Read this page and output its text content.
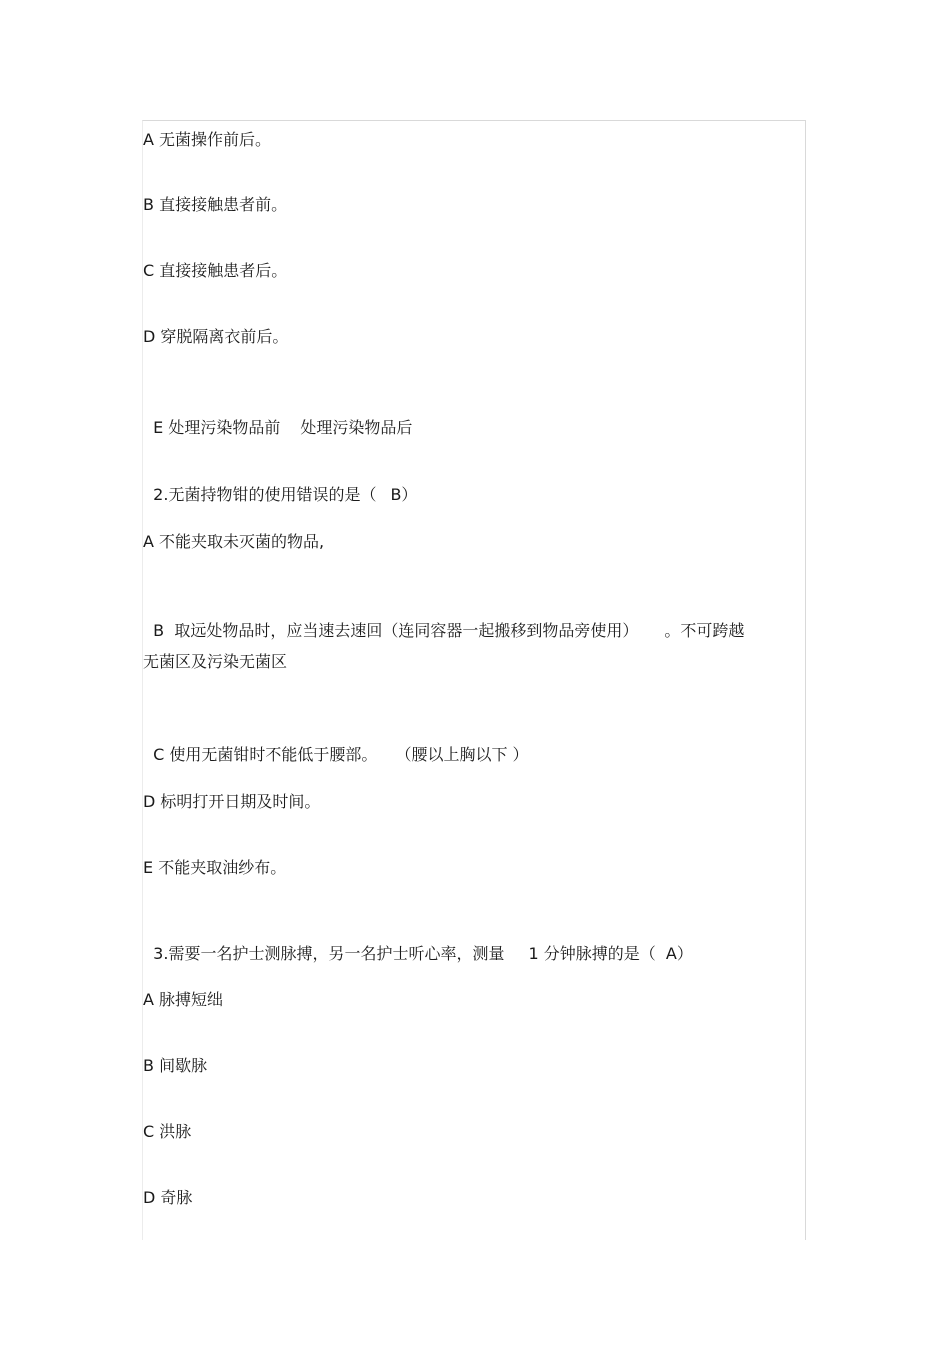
A 无菌操作前后。
B 直接接触患者前。
C 直接接触患者后。
D 穿脱隔离衣前后。

E 处理污染物品前 处理污染物品后

2.无菌持物钳的使用错误的是（ B）

A 不能夹取未灭菌的物品,

B  取远处物品时，应当速去速回（连同容器一起搬移到物品旁使用） 。不可跨越

无菌区及污染无菌区

C 使用无菌钳时不能低于腰部。 （腰以上胸以下 ）

D 标明打开日期及时间。
E 不能夹取油纱布。

3.需要一名护士测脉搏，另一名护士听心率，测量 1 分钟脉搏的是（  A）

A 脉搏短绌
B 间歇脉
C 洪脉
D 奇脉
